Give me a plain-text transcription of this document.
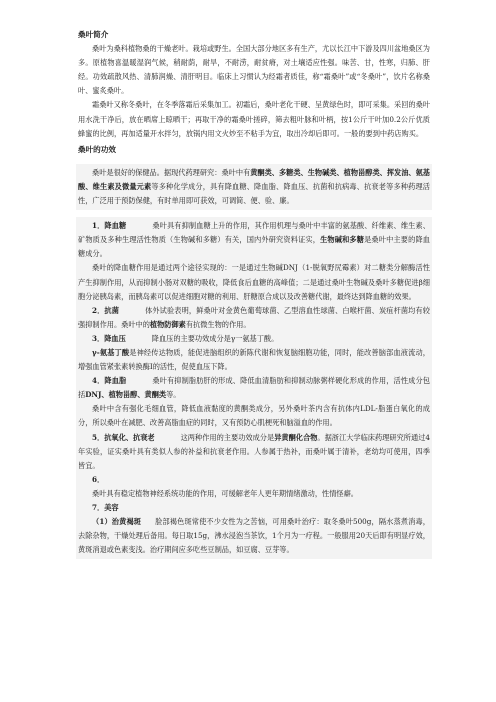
桑叶简介

桑叶为桑科植物桑的干燥老叶。栽培或野生。全国大部分地区多有生产，尤以长江中下游及四川盆地桑区为多。原植物喜温暖湿润气候，稍耐荫，耐旱，不耐涝，耐贫瘠，对土壤适应性强。味苦、甘，性寒，归肺、肝经。功效疏散风热、清肺润燥、清肝明目。临床上习惯认为经霜者质佳，称“霜桑叶”或“冬桑叶”，饮片名称桑叶、蜜炙桑叶。

霜桑叶又称冬桑叶，在冬季落霜后采集加工。初霜后，桑叶老化干硬、呈黄绿色时，即可采集。采回的桑叶用水洗干净后，放在晒席上晾晒干；再取干净的霜桑叶搓碎，筛去粗叶脉和叶柄，按1公斤干叶加0.2公斤优质蜂蜜的比例，再加适量开水拌匀，放锅内用文火炒至不粘手为宜，取出冷却后即可。一般的要到中药店购买。

桑叶的功效

桑叶是很好的保健品。据现代药理研究：桑叶中有黄酮类、多糖类、生物碱类、植物甾醇类、挥发油、氨基酸、维生素及微量元素等多种化学成分，具有降血糖、降血脂、降血压、抗菌和抗病毒、抗衰老等多种药理活性，广泛用于预防保健，有时单用即可获效，可调简、便、验、廉。

1．降血糖	桑叶具有抑制血糖上升的作用，其作用机理与桑叶中丰富的氨基酸、纤维素、维生素、矿物质及多种生理活性物质（生物碱和多糖）有关，国内外研究资料证实，生物碱和多糖是桑叶中主要的降血糖成分。

桑叶的降血糖作用是通过两个途径实现的：一是通过生物碱DNJ（1-脱氧野尻霉素）对二糖类分解酶活性产生抑制作用，从而抑制小肠对双糖的吸收，降低食后血糖的高峰值；二是通过桑叶生物碱及桑叶多糖促进β细胞分泌胰岛素，而胰岛素可以促进细胞对糖的利用、肝糖原合成以及改善糖代谢，最终达到降血糖的效果。

2．抗菌	体外试验表明，鲜桑叶对金黄色葡萄球菌、乙型溶血性球菌、白喉杆菌、炭疽杆菌均有较强抑制作用。桑叶中的植物防御素有抗微生物的作用。

3．降血压	降血压的主要功效成分是γ一氨基丁酸。

γ-氨基丁酸是神经传达物质，能促进脑组织的新陈代谢和恢复脑细胞功能，同时，能改善脑部血液流动，增强血管紧张素转换酶Ⅰ的活性，促使血压下降。

4．降血脂	桑叶有抑制脂肪肝的形成、降低血清脂肪和抑制动脉粥样硬化形成的作用，活性成分包括DNJ、植物甾醇、黄酮类等。

桑叶中含有强化毛细血管，降低血液黏度的黄酮类成分，另外桑叶茶内含有抗体内LDL-脂蛋白氧化的成分，所以桑叶在减肥、改善高脂血症的同时，又有预防心肌梗死和脑溢血的作用。

5．抗氧化、抗衰老	这两种作用的主要功效成分是异黄酮化合物。据浙江大学临床药理研究所通过4年实验，证实桑叶具有类似人参的补益和抗衰老作用。人参属于热补，而桑叶属于清补，老幼均可使用，四季皆宜。

6．

桑叶具有稳定植物神经系统功能的作用，可缓解老年人更年期情绪激动，性情怪癖。

7．美容

（1）治黄褐斑 脸部褐色斑常使不少女性为之苦恼，可用桑叶治疗：取冬桑叶500g，隔水蒸煮消毒，去除杂物，干燥处理后备用。每日取15g，沸水浸泡当茶饮，1个月为一疗程。一般服用20天后即有明显疗效，黄斑消退或色素变浅。治疗期间应多吃些豆制品，如豆腐、豆芽等。
